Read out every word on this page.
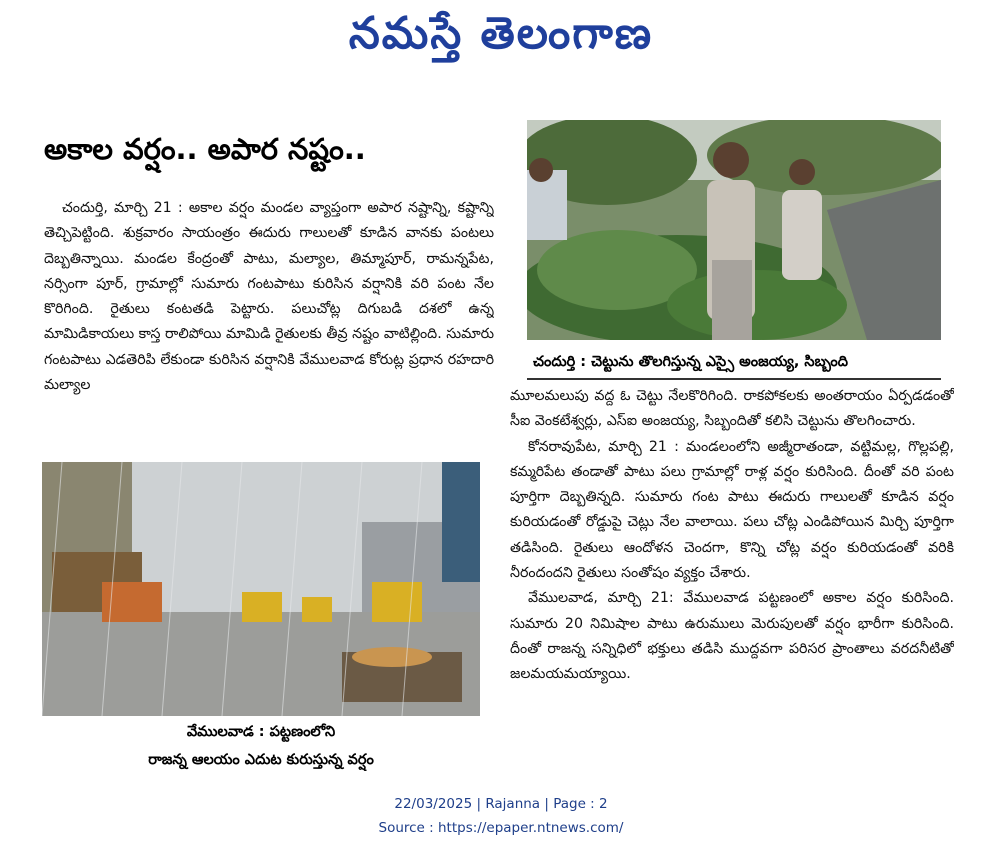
నమస్తే తెలంగాణ
అకాల వర్షం.. అపార నష్టం..

చందుర్తి, మార్చి 21 : అకాల వర్షం మండల వ్యాప్తంగా అపార నష్టాన్ని, కష్టాన్ని తెచ్చిపెట్టింది. శుక్రవారం సాయంత్రం ఈదురు గాలులతో కూడిన వానకు పంటలు దెబ్బతిన్నాయి. మండల కేంద్రంతో పాటు, మల్యాల, తిమ్మాపూర్, రామన్నపేట, నర్సింగా పూర్, గ్రామాల్లో సుమారు గంటపాటు కురిసిన వర్షానికి వరి పంట నేల కొరిగింది. రైతులు కంటతడి పెట్టారు. పలుచోట్ల దిగుబడి దశలో ఉన్న మామిడికాయలు కాస్త రాలిపోయి మామిడి రైతులకు తీవ్ర నష్టం వాటిల్లింది. సుమారు గంటపాటు ఎడతెరిపి లేకుండా కురిసిన వర్షానికి వేములవాడ కోరుట్ల ప్రధాన రహదారి మల్యాల

చందుర్తి : చెట్టును తొలగిస్తున్న ఎస్సై అంజయ్య, సిబ్బంది

మూలమలుపు వద్ద ఓ చెట్టు నేలకొరిగింది. రాకపోకలకు అంతరాయం ఏర్పడడంతో సీఐ వెంకటేశ్వర్లు, ఎస్ఐ అంజయ్య, సిబ్బందితో కలిసి చెట్టును తొలగించారు.

కోనరావుపేట, మార్చి 21 : మండలంలోని అజ్మీరాతండా, వట్టిమల్ల, గొల్లపల్లి, కమ్మరిపేట తండాతో పాటు పలు గ్రామాల్లో రాళ్ల వర్షం కురిసింది. దీంతో వరి పంట పూర్తిగా దెబ్బతిన్నది. సుమారు గంట పాటు ఈదురు గాలులతో కూడిన వర్షం కురియడంతో రోడ్డుపై చెట్లు నేల వాలాయి. పలు చోట్ల ఎండిపోయిన మిర్చి పూర్తిగా తడిసింది. రైతులు ఆందోళన చెందగా, కొన్ని చోట్ల వర్షం కురియడంతో వరికి నీరందందని రైతులు సంతోషం వ్యక్తం చేశారు.

వేములవాడ, మార్చి 21: వేములవాడ పట్టణంలో అకాల వర్షం కురిసింది. సుమారు 20 నిమిషాల పాటు ఉరుములు మెరుపులతో వర్షం భారీగా కురిసింది. దీంతో రాజన్న సన్నిధిలో భక్తులు తడిసి ముద్దవగా పరిసర ప్రాంతాలు వరదనీటితో జలమయమయ్యాయి.

వేములవాడ : పట్టణంలోని
రాజన్న ఆలయం ఎదుట కురుస్తున్న వర్షం
22/03/2025 | Rajanna | Page : 2
Source : https://epaper.ntnews.com/
